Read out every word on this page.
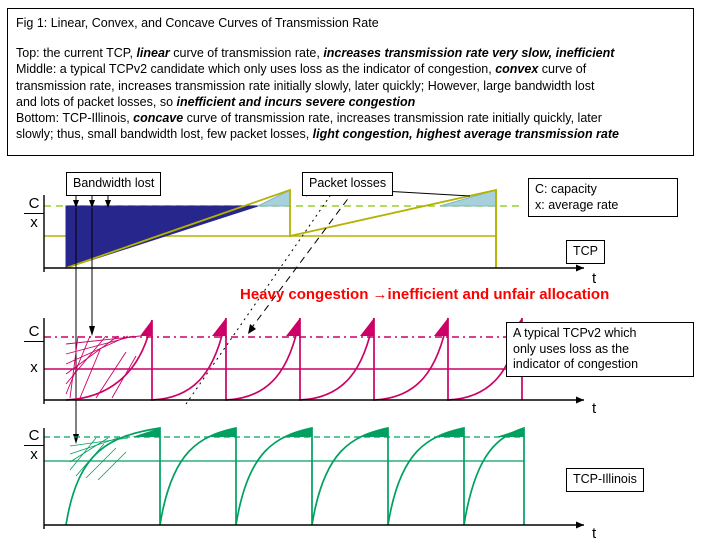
Fig 1: Linear, Convex, and Concave Curves of Transmission Rate

Top: the current TCP, linear curve of transmission rate, increases transmission rate very slow, inefficient

Middle: a typical TCPv2 candidate which only uses loss as the indicator of congestion, convex curve of

transmission rate, increases transmission rate initially slowly, later quickly; However, large bandwidth lost

and lots of packet losses, so inefficient and incurs severe congestion

Bottom: TCP-Illinois, concave curve of transmission rate, increases transmission rate initially quickly, later

slowly; thus, small bandwidth lost, few packet losses, light congestion, highest average transmission rate

Bandwidth lost	Packet losses	C: capacity
x: average rate
TCP
A typical TCPv2 which
only uses loss as the
indicator of congestion
TCP-Illinois
Heavy congestion →inefficient and unfair allocation
C
x
t
C
x
t
C
x
t
